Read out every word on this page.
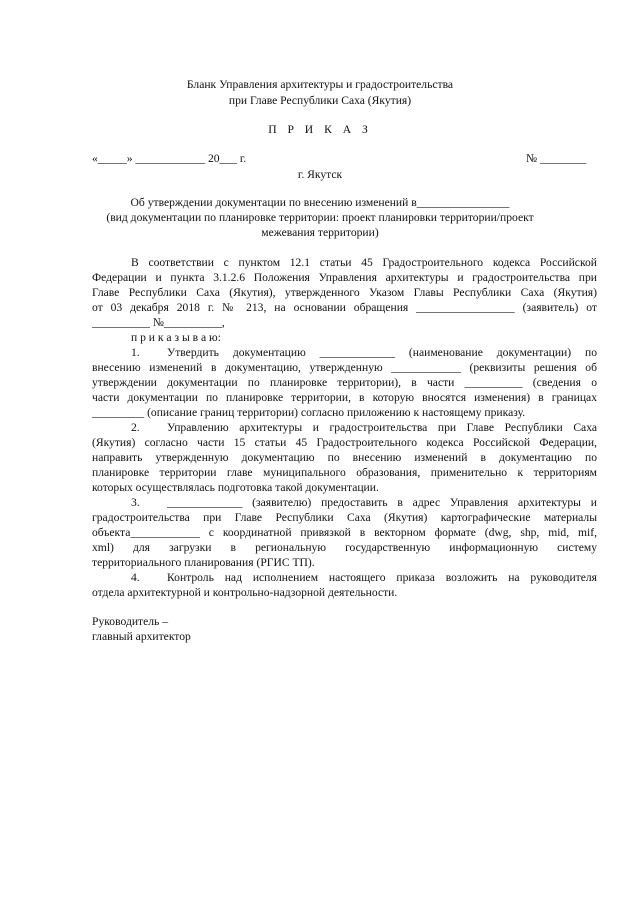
Бланк Управления архитектуры и градостроительства
при Главе Республики Саха (Якутия)
П Р И К А З
«_____» ____________ 20___ г.	№ ________
г. Якутск
Об утверждении документации по внесению изменений в________________
(вид документации по планировке территории: проект планировки территории/проект
межевания территории)
В соответствии с пунктом 12.1 статьи 45 Градостроительного кодекса Российской
Федерации и пункта 3.1.2.6 Положения Управления архитектуры и градостроительства при
Главе Республики Саха (Якутия), утвержденного Указом Главы Республики Саха (Якутия)
от 03 декабря 2018 г. № 213, на основании обращения _________________ (заявитель) от
__________ №__________,
п р и к а з ы в а ю:
1. Утвердить документацию _____________ (наименование документации) по
внесению изменений в документацию, утвержденную ____________ (реквизиты решения об
утверждении документации по планировке территории), в части __________ (сведения о
части документации по планировке территории, в которую вносятся изменения) в границах
_________ (описание границ территории) согласно приложению к настоящему приказу.
2. Управлению архитектуры и градостроительства при Главе Республики Саха
(Якутия) согласно части 15 статьи 45 Градостроительного кодекса Российской Федерации,
направить утвержденную документацию по внесению изменений в документацию по
планировке территории главе муниципального образования, применительно к территориям
которых осуществлялась подготовка такой документации.
3. _____________ (заявителю) предоставить в адрес Управления архитектуры и
градостроительства при Главе Республики Саха (Якутия) картографические материалы
объекта____________ с координатной привязкой в векторном формате (dwg, shp, mid, mif,
xml) для загрузки в региональную государственную информационную систему
территориального планирования (РГИС ТП).
4. Контроль над исполнением настоящего приказа возложить на руководителя
отдела архитектурной и контрольно-надзорной деятельности.
Руководитель –
главный архитектор
